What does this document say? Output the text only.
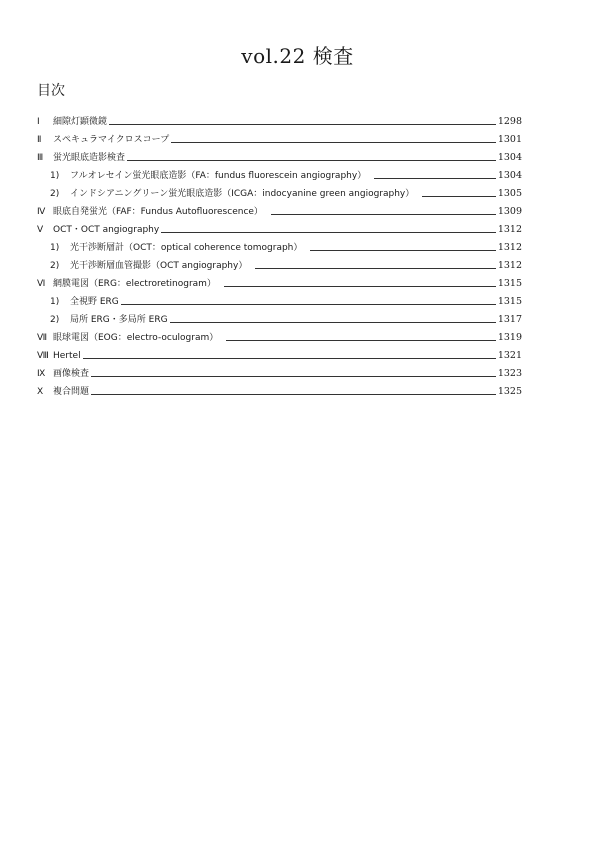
vol.22 検査
目次
Ⅰ	細隙灯顕微鏡	1298
Ⅱ	スペキュラマイクロスコープ	1301
Ⅲ	蛍光眼底造影検査	1304
1)	フルオレセイン蛍光眼底造影（FA：fundus fluorescein angiography）	1304
2)	インドシアニングリーン蛍光眼底造影（ICGA：indocyanine green angiography）	1305
Ⅳ 眼底自発蛍光（FAF：Fundus Autofluorescence）	1309
Ⅴ	OCT・OCT angiography	1312
1)	光干渉断層計（OCT：optical coherence tomograph）	1312
2)	光干渉断層血管撮影（OCT angiography）	1312
Ⅵ 網膜電図（ERG：electroretinogram）	1315
1)	全視野 ERG	1315
2)	局所 ERG・多局所 ERG	1317
Ⅶ 眼球電図（EOG：electro-oculogram）	1319
Ⅷ Hertel	1321
Ⅸ 画像検査	1323
Ⅹ	複合問題	1325
